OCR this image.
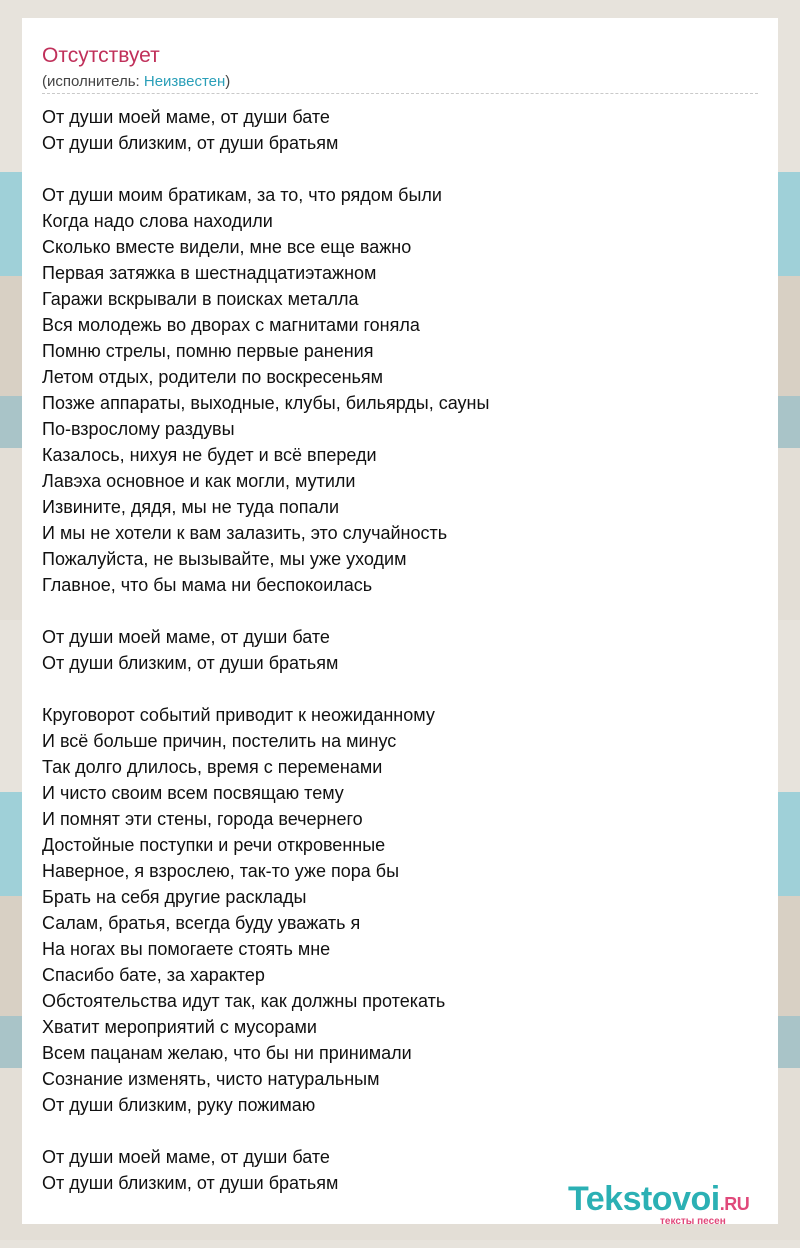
Отсутствует
(исполнитель: Неизвестен)
От души моей маме, от души бате
От души близким, от души братьям
От души моим братикам, за то, что рядом были
Когда надо слова находили
Сколько вместе видели, мне все еще важно
Первая затяжка в шестнадцатиэтажном
Гаражи вскрывали в поисках металла
Вся молодежь во дворах с магнитами гоняла
Помню стрелы, помню первые ранения
Летом отдых, родители по воскресеньям
Позже аппараты, выходные, клубы, бильярды, сауны
По-взрослому раздувы
Казалось, нихуя не будет и всё впереди
Лавэха основное и как могли, мутили
Извините, дядя, мы не туда попали
И мы не хотели к вам залазить, это случайность
Пожалуйста, не вызывайте, мы уже уходим
Главное, что бы мама ни беспокоилась
От души моей маме, от души бате
От души близким, от души братьям
Круговорот событий приводит к неожиданному
И всё больше причин, постелить на минус
Так долго длилось, время с переменами
И чисто своим всем посвящаю тему
И помнят эти стены, города вечернего
Достойные поступки и речи откровенные
Наверное, я взрослею, так-то уже пора бы
Брать на себя другие расклады
Салам, братья, всегда буду уважать я
На ногах вы помогаете стоять мне
Спасибо бате, за характер
Обстоятельства идут так, как должны протекать
Хватит мероприятий с мусорами
Всем пацанам желаю, что бы ни принимали
Сознание изменять, чисто натуральным
От души близким, руку пожимаю
От души моей маме, от души бате
От души близким, от души братьям	Tekstovoi.RU
тексты песен
